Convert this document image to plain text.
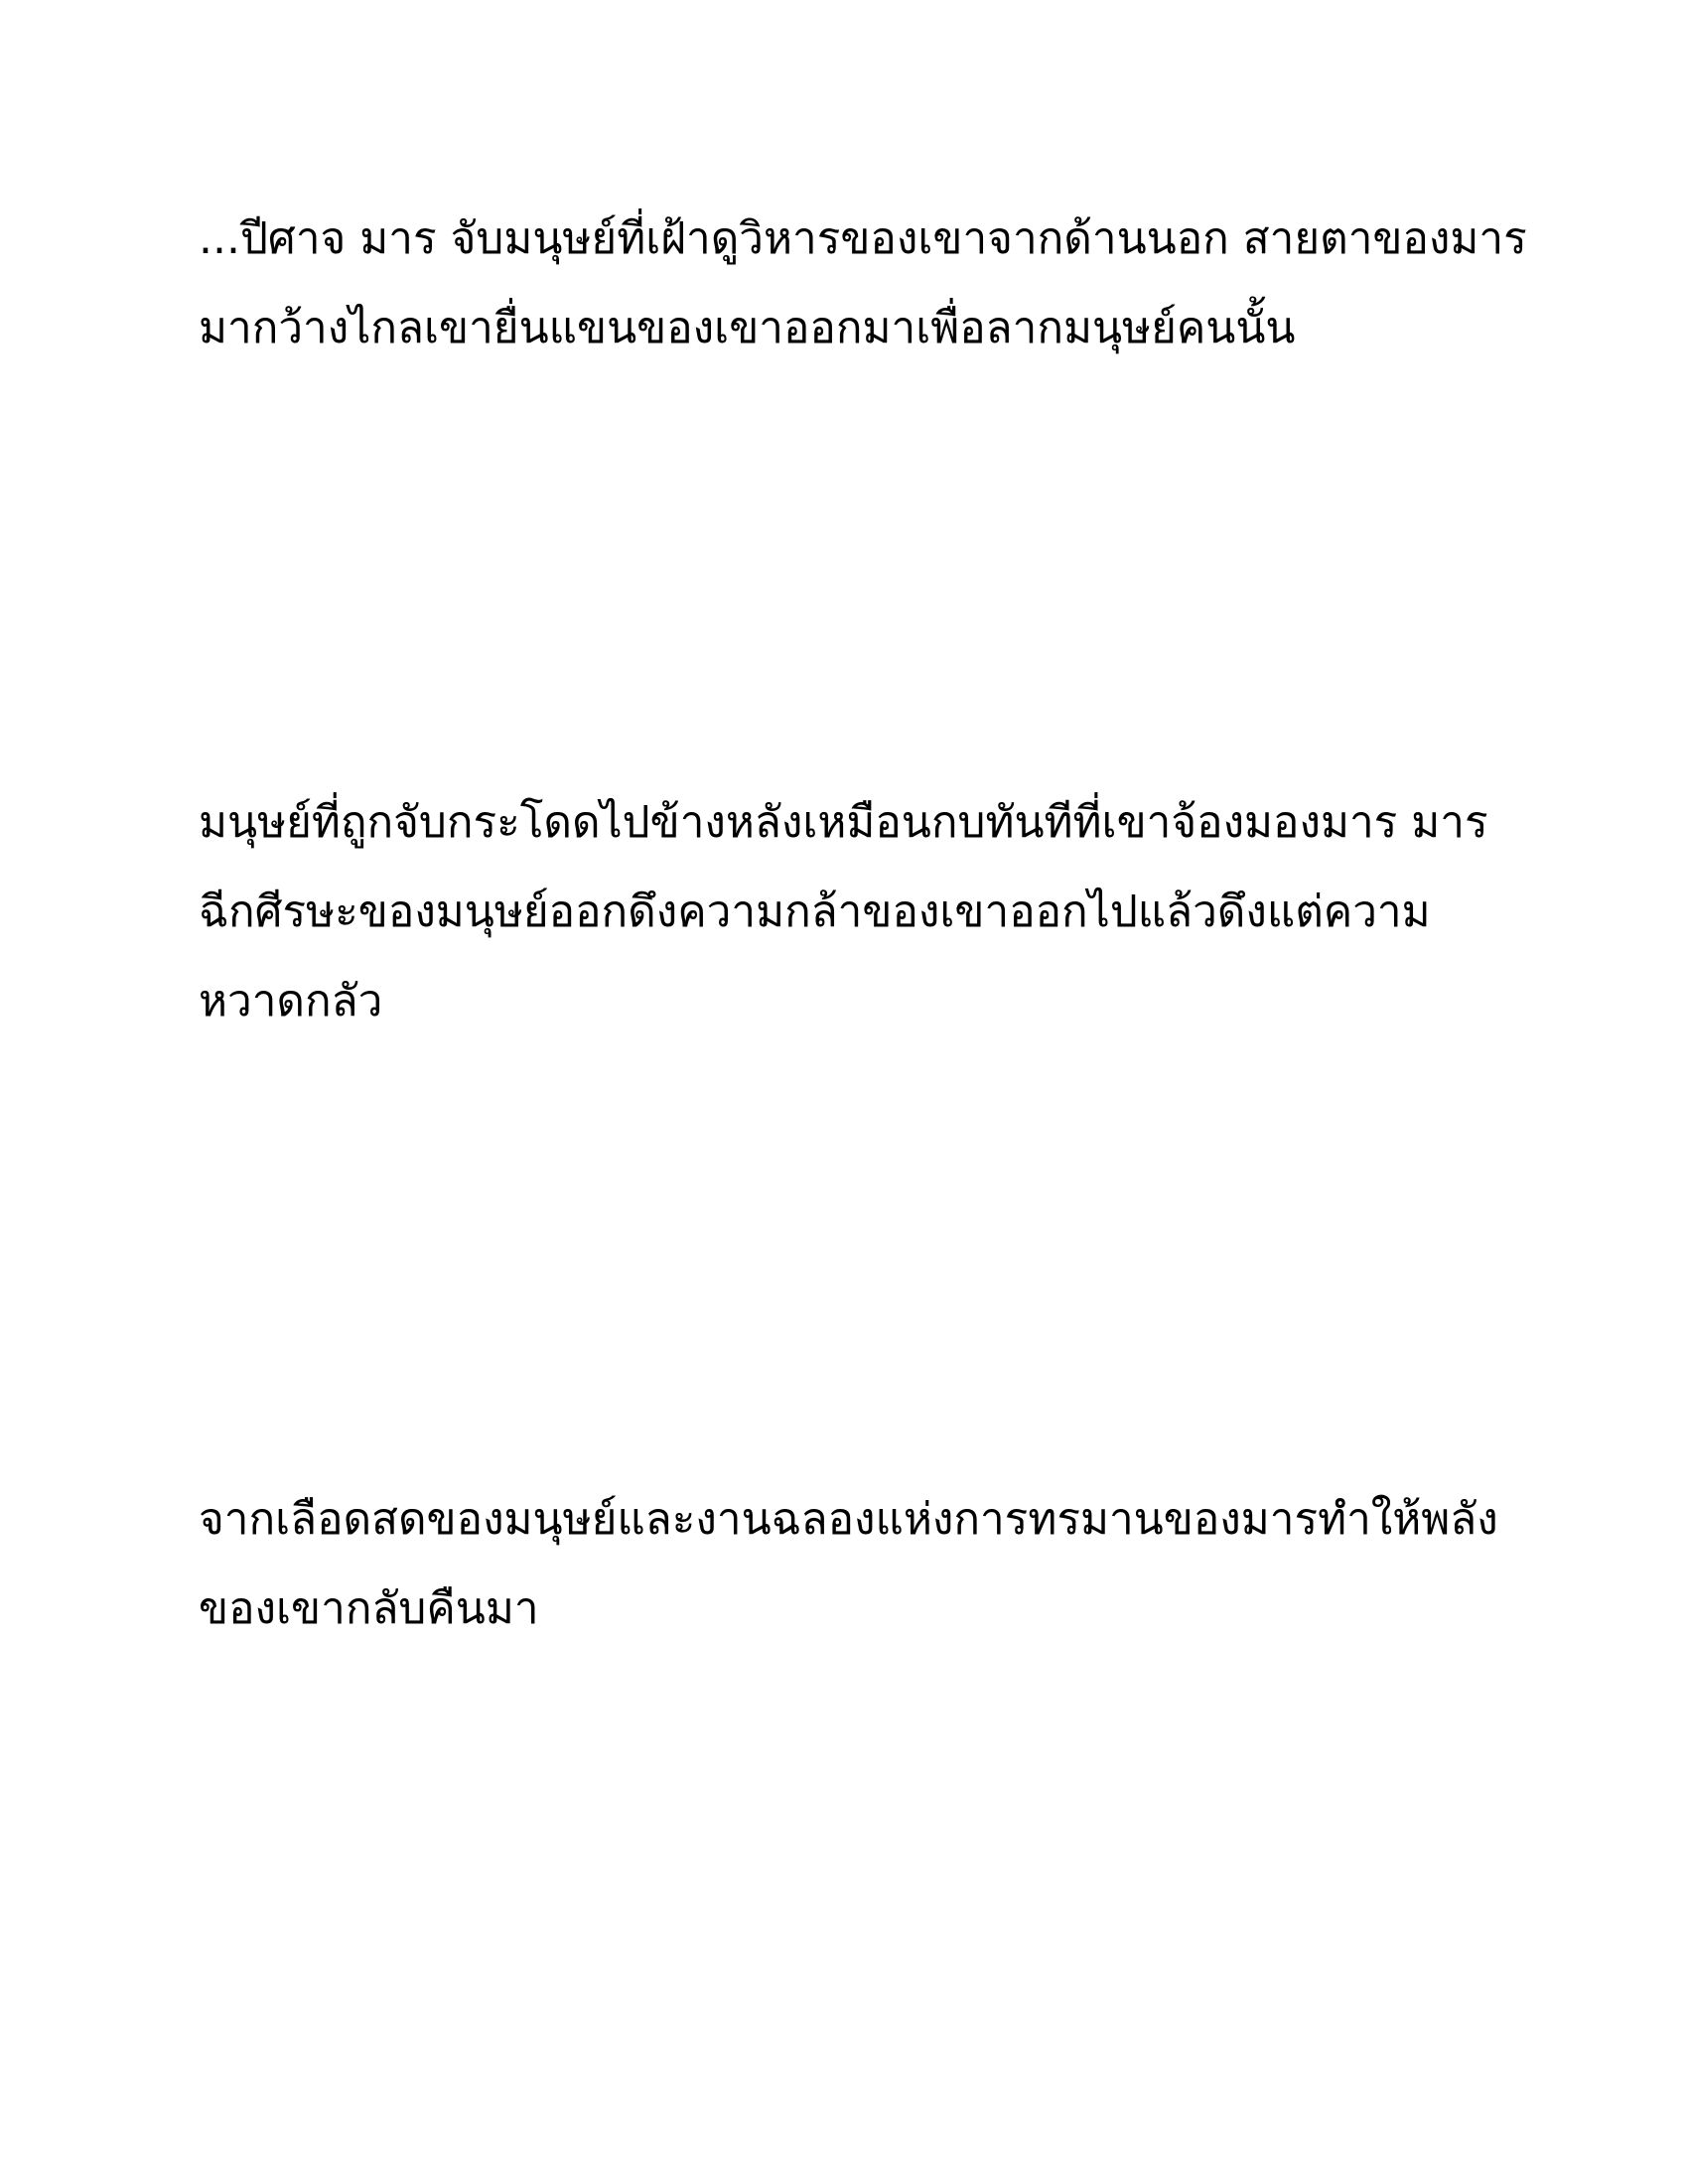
...ปีศาจ มาร จับมนุษย์ที่เฝ้าดูวิหารของเขาจากด้านนอก สายตาของมาร
มากว้างไกลเขายื่นแขนของเขาออกมาเพื่อลากมนุษย์คนนั้น
มนุษย์ที่ถูกจับกระโดดไปข้างหลังเหมือนกบทันทีที่เขาจ้องมองมาร มาร
ฉีกศีรษะของมนุษย์ออกดึงความกล้าของเขาออกไปแล้วดึงแต่ความ
หวาดกลัว
จากเลือดสดของมนุษย์และงานฉลองแห่งการทรมานของมารทำให้พลัง
ของเขากลับคืนมา
